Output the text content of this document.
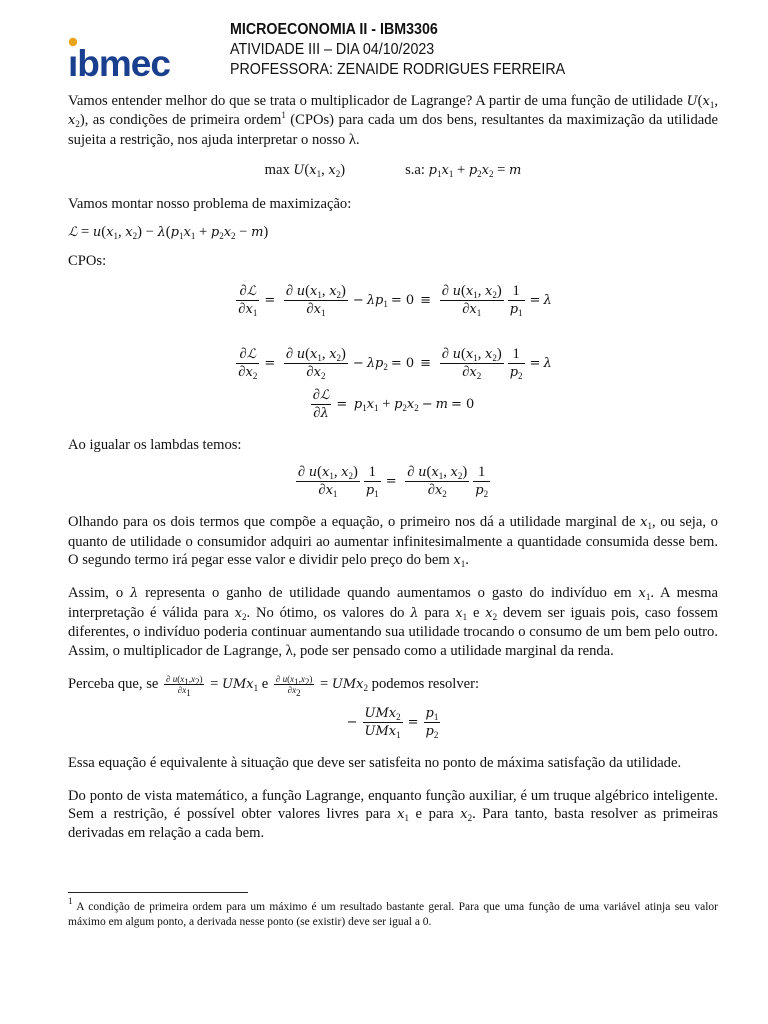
ıbmec
MICROECONOMIA II - IBM3306
ATIVIDADE III – DIA 04/10/2023
PROFESSORA: ZENAIDE RODRIGUES FERREIRA

Vamos entender melhor do que se trata o multiplicador de Lagrange? A partir de uma função de utilidade $U(x_1$, $x_2$), as condições de primeira ordem$^1$ (CPOs) para cada um dos bens, resultantes da maximização da utilidade sujeita a restrição, nos ajuda interpretar o nosso λ.

$\max U(x_1$, $x_2$)	s.a: $p_1x_1 + p_2x_2 = m$

Vamos montar nosso problema de maximização:

ℒ = $u(x_1$, $x_2) - \lambda(p_1x_1 + p_2x_2 - m)$

CPOs:

$\frac{\text{∂ℒ}}{\partial x_1} = \frac{\partial u(x_1, x_2)}{\partial x_1} - \lambda p_1 = 0 \equiv \frac{\partial u(x_1, x_2)}{\partial x_1} \frac{1}{p_1} = \lambda$
$\frac{\text{∂ℒ}}{\partial x_2} = \frac{\partial u(x_1, x_2)}{\partial x_2} - \lambda p_2 = 0 \equiv \frac{\partial u(x_1, x_2)}{\partial x_2} \frac{1}{p_2} = \lambda$
$\frac{\text{∂ℒ}}{\partial\lambda} = p_1x_1 + p_2x_2 - m = 0$

Ao igualar os lambdas temos:

$\frac{\partial u(x_1, x_2)}{\partial x_1} \frac{1}{p_1} = \frac{\partial u(x_1, x_2)}{\partial x_2} \frac{1}{p_2}$

Olhando para os dois termos que compõe a equação, o primeiro nos dá a utilidade marginal de $x_1$, ou seja, o quanto de utilidade o consumidor adquiri ao aumentar infinitesimalmente a quantidade consumida desse bem. O segundo termo irá pegar esse valor e dividir pelo preço do bem $x_1$.

Assim, o λ representa o ganho de utilidade quando aumentamos o gasto do indivíduo em $x_1$. A mesma interpretação é válida para $x_2$. No ótimo, os valores do λ para $x_1$ e $x_2$ devem ser iguais pois, caso fossem diferentes, o indivíduo poderia continuar aumentando sua utilidade trocando o consumo de um bem pelo outro. Assim, o multiplicador de Lagrange, λ, pode ser pensado como a utilidade marginal da renda.

Perceba que, se $\frac{\partial u(x_1,x_2)}{\partial x_1} = UMx_1$ e $\frac{\partial u(x_1,x_2)}{\partial x_2} = UMx_2$ podemos resolver:

− $\frac{UMx_2}{UMx_1} = \frac{p_1}{p_2}$

Essa equação é equivalente à situação que deve ser satisfeita no ponto de máxima satisfação da utilidade.

Do ponto de vista matemático, a função Lagrange, enquanto função auxiliar, é um truque algébrico inteligente. Sem a restrição, é possível obter valores livres para $x_1$ e para $x_2$. Para tanto, basta resolver as primeiras derivadas em relação a cada bem.

$^1$ A condição de primeira ordem para um máximo é um resultado bastante geral. Para que uma função de uma variável atinja seu valor máximo em algum ponto, a derivada nesse ponto (se existir) deve ser igual a 0.
